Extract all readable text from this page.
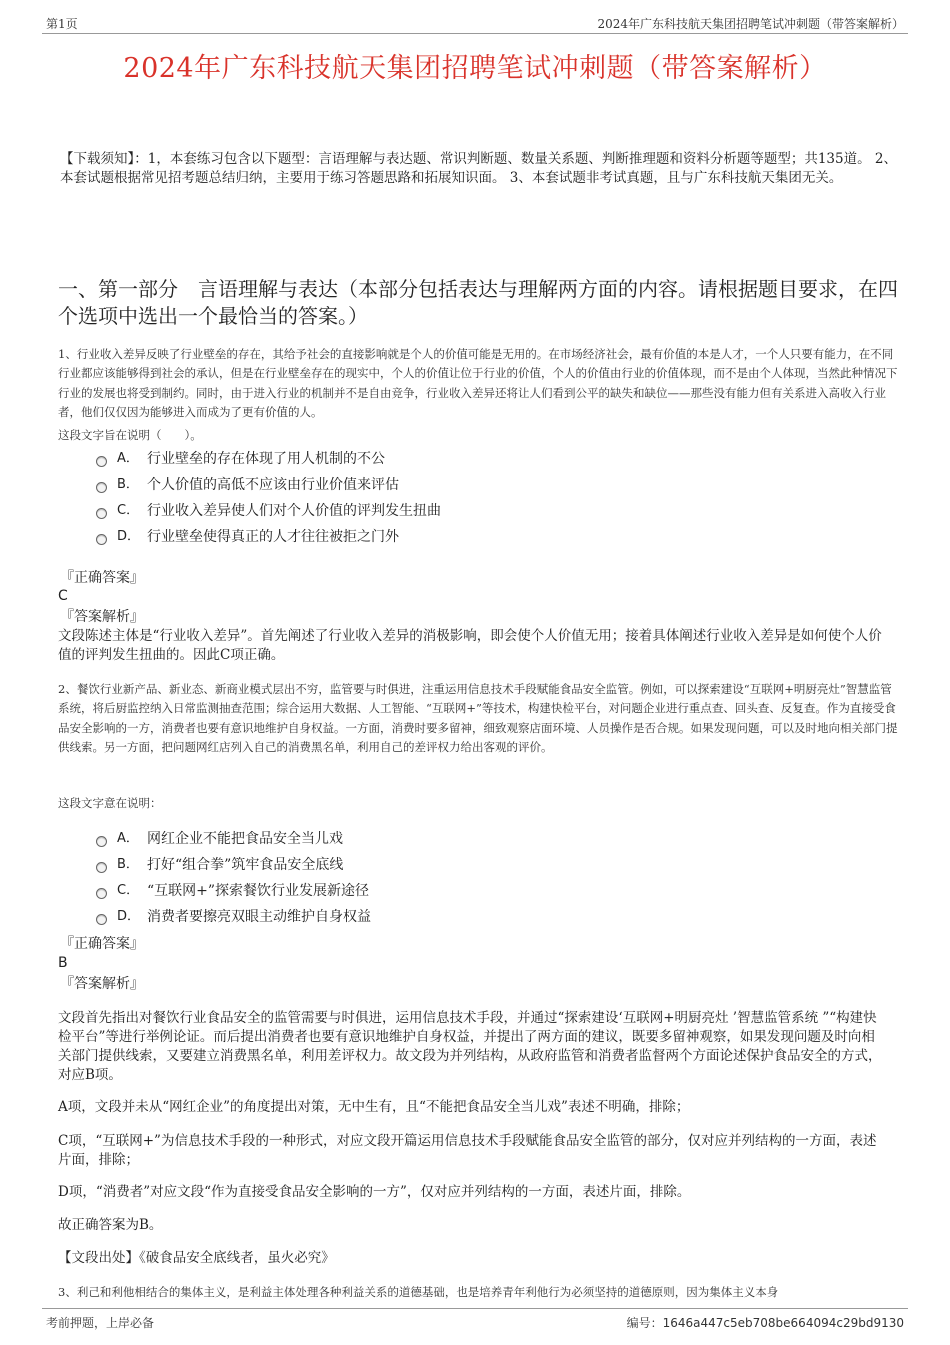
第1页	2024年广东科技航天集团招聘笔试冲刺题（带答案解析）
2024年广东科技航天集团招聘笔试冲刺题（带答案解析）
【下载须知】：1，本套练习包含以下题型：言语理解与表达题、常识判断题、数量关系题、判断推理题和资料分析题等题型；共135道。 2、本套试题根据常见招考题总结归纳，主要用于练习答题思路和拓展知识面。 3、本套试题非考试真题，且与广东科技航天集团无关。
一、第一部分　言语理解与表达（本部分包括表达与理解两方面的内容。请根据题目要求，在四个选项中选出一个最恰当的答案。）
1、行业收入差异反映了行业壁垒的存在，其给予社会的直接影响就是个人的价值可能是无用的。在市场经济社会，最有价值的本是人才，一个人只要有能力，在不同行业都应该能够得到社会的承认，但是在行业壁垒存在的现实中，个人的价值让位于行业的价值，个人的价值由行业的价值体现，而不是由个人体现，当然此种情况下行业的发展也将受到制约。同时，由于进入行业的机制并不是自由竞争，行业收入差异还将让人们看到公平的缺失和缺位——那些没有能力但有关系进入高收入行业者，他们仅仅因为能够进入而成为了更有价值的人。
这段文字旨在说明（　　）。
A． 行业壁垒的存在体现了用人机制的不公
B． 个人价值的高低不应该由行业价值来评估
C． 行业收入差异使人们对个人价值的评判发生扭曲
D． 行业壁垒使得真正的人才往往被拒之门外
『正确答案』
C
『答案解析』
文段陈述主体是“行业收入差异”。首先阐述了行业收入差异的消极影响，即会使个人价值无用；接着具体阐述行业收入差异是如何使个人价值的评判发生扭曲的。因此C项正确。
2、餐饮行业新产品、新业态、新商业模式层出不穷，监管要与时俱进，注重运用信息技术手段赋能食品安全监管。例如，可以探索建设“互联网+明厨亮灶”智慧监管系统，将后厨监控纳入日常监测抽查范围；综合运用大数据、人工智能、“互联网+”等技术，构建快检平台，对问题企业进行重点查、回头查、反复查。作为直接受食品安全影响的一方，消费者也要有意识地维护自身权益。一方面，消费时要多留神，细致观察店面环境、人员操作是否合规。如果发现问题，可以及时地向相关部门提供线索。另一方面，把问题网红店列入自己的消费黑名单，利用自己的差评权力给出客观的评价。
这段文字意在说明：
A． 网红企业不能把食品安全当儿戏
B． 打好“组合拳”筑牢食品安全底线
C． “互联网+”探索餐饮行业发展新途径
D． 消费者要擦亮双眼主动维护自身权益
『正确答案』
B
『答案解析』
文段首先指出对餐饮行业食品安全的监管需要与时俱进，运用信息技术手段，并通过“探索建设‘互联网+明厨亮灶 ’智慧监管系统 ”“构建快检平台”等进行举例论证。而后提出消费者也要有意识地维护自身权益，并提出了两方面的建议，既要多留神观察，如果发现问题及时向相关部门提供线索，又要建立消费黑名单，利用差评权力。故文段为并列结构，从政府监管和消费者监督两个方面论述保护食品安全的方式，对应B项。
A项，文段并未从“网红企业”的角度提出对策，无中生有，且“不能把食品安全当儿戏”表述不明确，排除；
C项，“互联网+”为信息技术手段的一种形式，对应文段开篇运用信息技术手段赋能食品安全监管的部分，仅对应并列结构的一方面，表述片面，排除；
D项，“消费者”对应文段“作为直接受食品安全影响的一方”，仅对应并列结构的一方面，表述片面，排除。
故正确答案为B。
【文段出处】《破食品安全底线者，虽火必究》
3、利己和利他相结合的集体主义，是利益主体处理各种利益关系的道德基础，也是培养青年利他行为必须坚持的道德原则，因为集体主义本身
考前押题，上岸必备	编号：1646a447c5eb708be664094c29bd9130
